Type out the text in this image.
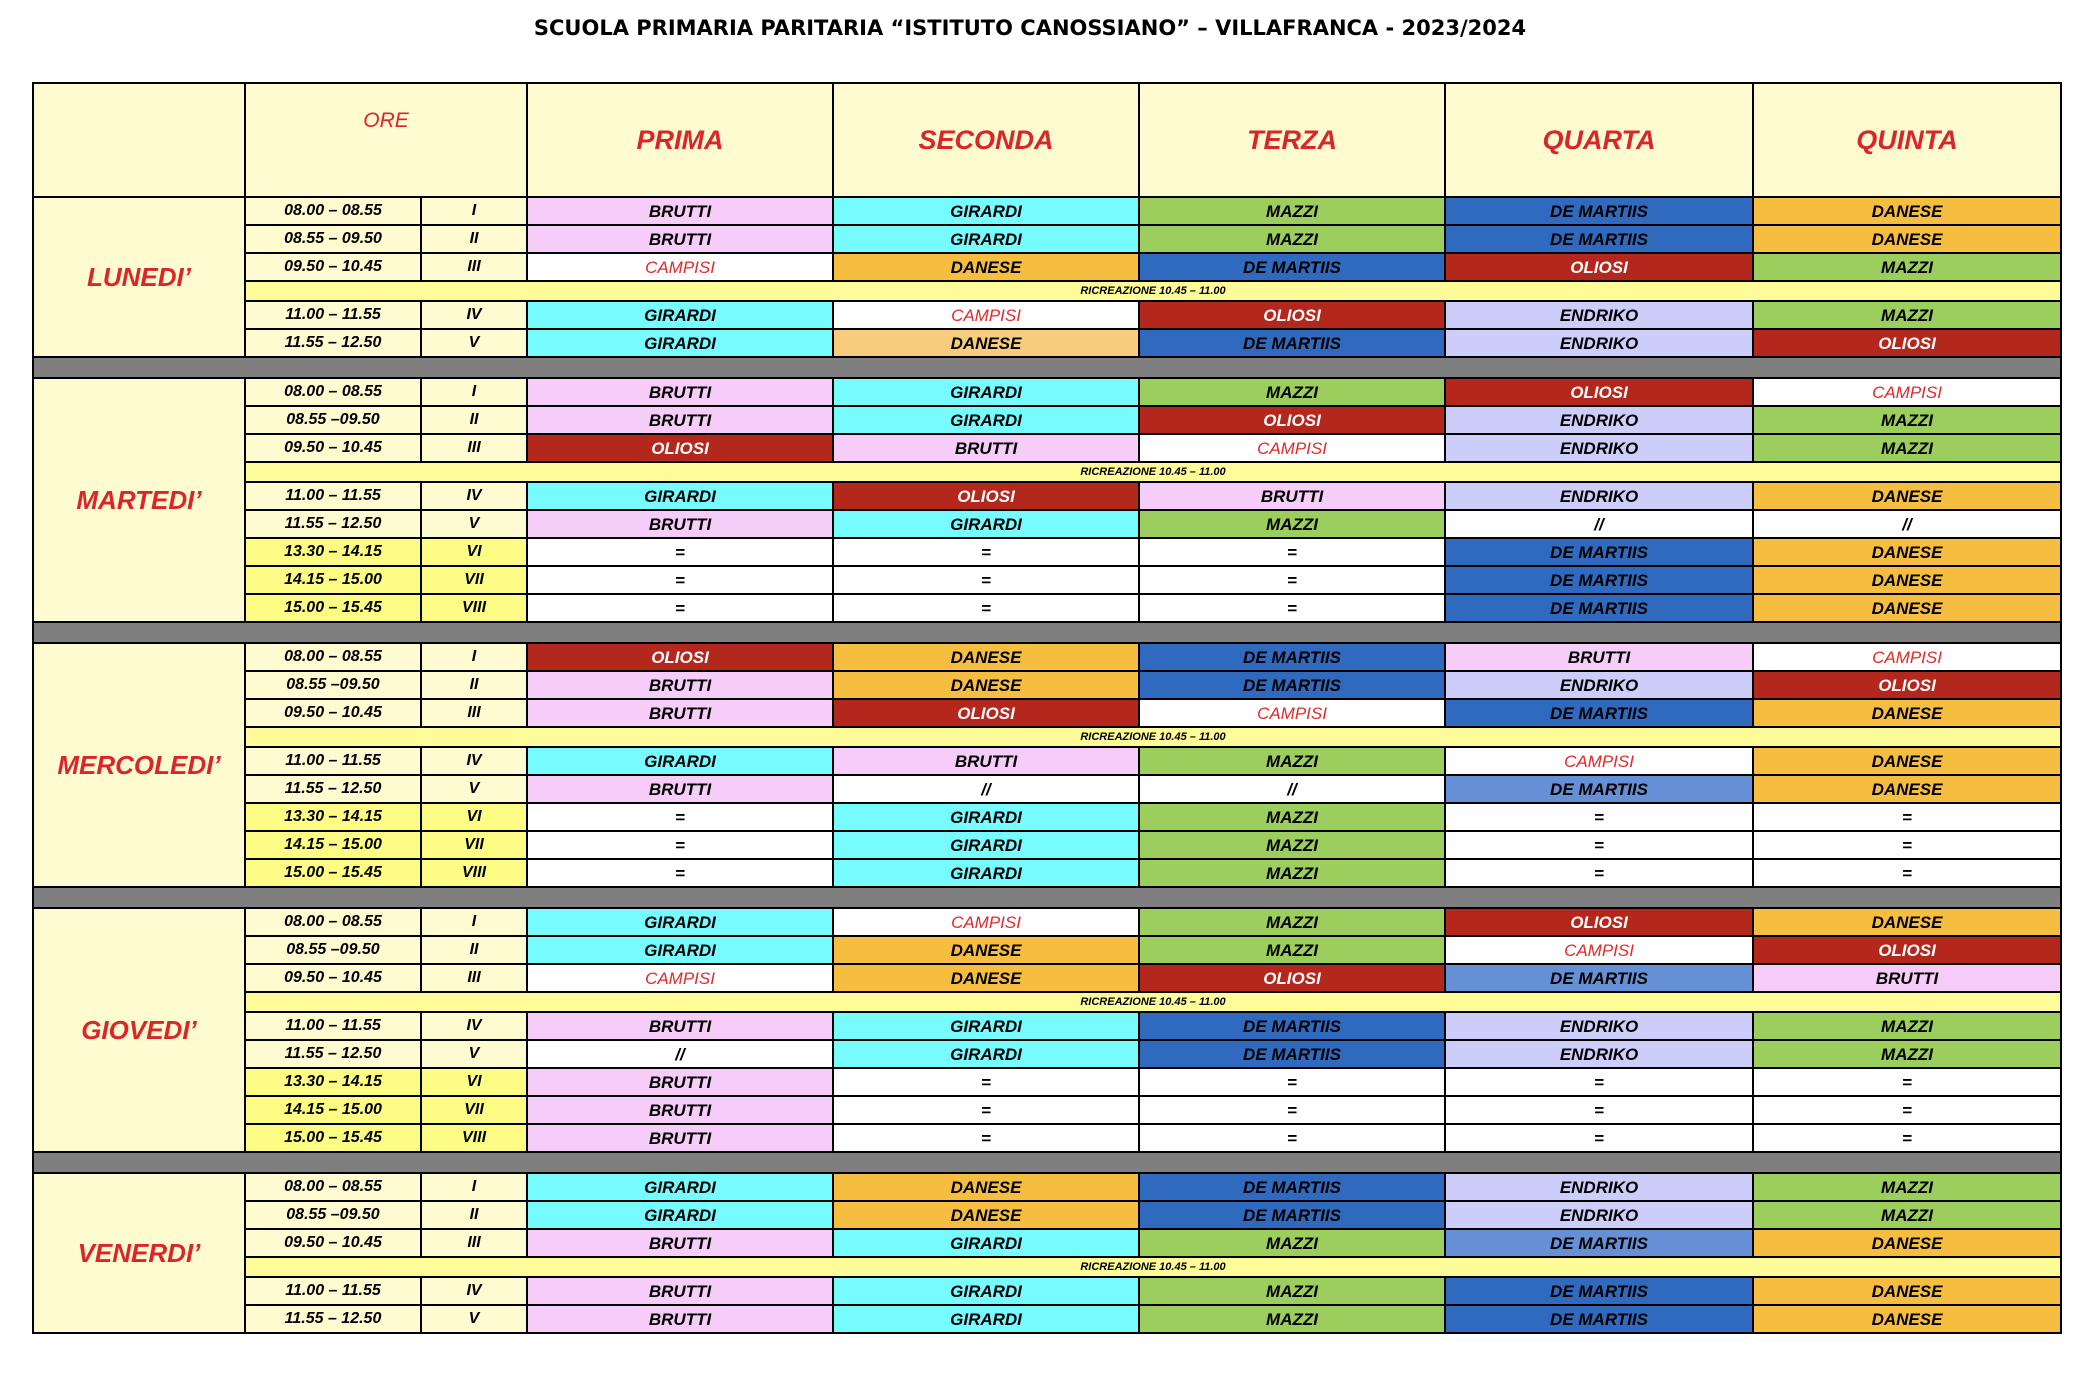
SCUOLA PRIMARIA PARITARIA “ISTITUTO CANOSSIANO” – VILLAFRANCA - 2023/2024
	ORE		PRIMA	SECONDA	TERZA	QUARTA	QUINTA
LUNEDI’	08.00 – 08.55	I	BRUTTI	GIRARDI	MAZZI	DE MARTIIS	DANESE
	08.55 – 09.50	II	BRUTTI	GIRARDI	MAZZI	DE MARTIIS	DANESE
	09.50 – 10.45	III	CAMPISI	DANESE	DE MARTIIS	OLIOSI	MAZZI
	RICREAZIONE 10.45 – 11.00						
	11.00 – 11.55	IV	GIRARDI	CAMPISI	OLIOSI	ENDRIKO	MAZZI
	11.55 – 12.50	V	GIRARDI	DANESE	DE MARTIIS	ENDRIKO	OLIOSI

MARTEDI’	08.00 – 08.55	I	BRUTTI	GIRARDI	MAZZI	OLIOSI	CAMPISI
	08.55 –09.50	II	BRUTTI	GIRARDI	OLIOSI	ENDRIKO	MAZZI
	09.50 – 10.45	III	OLIOSI	BRUTTI	CAMPISI	ENDRIKO	MAZZI
	RICREAZIONE 10.45 – 11.00						
	11.00 – 11.55	IV	GIRARDI	OLIOSI	BRUTTI	ENDRIKO	DANESE
	11.55 – 12.50	V	BRUTTI	GIRARDI	MAZZI	//	//
	13.30 – 14.15	VI	=	=	=	DE MARTIIS	DANESE
	14.15 – 15.00	VII	=	=	=	DE MARTIIS	DANESE
	15.00 – 15.45	VIII	=	=	=	DE MARTIIS	DANESE

MERCOLEDI’	08.00 – 08.55	I	OLIOSI	DANESE	DE MARTIIS	BRUTTI	CAMPISI
	08.55 –09.50	II	BRUTTI	DANESE	DE MARTIIS	ENDRIKO	OLIOSI
	09.50 – 10.45	III	BRUTTI	OLIOSI	CAMPISI	DE MARTIIS	DANESE
	RICREAZIONE 10.45 – 11.00						
	11.00 – 11.55	IV	GIRARDI	BRUTTI	MAZZI	CAMPISI	DANESE
	11.55 – 12.50	V	BRUTTI	//	//	DE MARTIIS	DANESE
	13.30 – 14.15	VI	=	GIRARDI	MAZZI	=	=
	14.15 – 15.00	VII	=	GIRARDI	MAZZI	=	=
	15.00 – 15.45	VIII	=	GIRARDI	MAZZI	=	=

GIOVEDI’	08.00 – 08.55	I	GIRARDI	CAMPISI	MAZZI	OLIOSI	DANESE
	08.55 –09.50	II	GIRARDI	DANESE	MAZZI	CAMPISI	OLIOSI
	09.50 – 10.45	III	CAMPISI	DANESE	OLIOSI	DE MARTIIS	BRUTTI
	RICREAZIONE 10.45 – 11.00						
	11.00 – 11.55	IV	BRUTTI	GIRARDI	DE MARTIIS	ENDRIKO	MAZZI
	11.55 – 12.50	V	//	GIRARDI	DE MARTIIS	ENDRIKO	MAZZI
	13.30 – 14.15	VI	BRUTTI	=	=	=	=
	14.15 – 15.00	VII	BRUTTI	=	=	=	=
	15.00 – 15.45	VIII	BRUTTI	=	=	=	=

VENERDI’	08.00 – 08.55	I	GIRARDI	DANESE	DE MARTIIS	ENDRIKO	MAZZI
	08.55 –09.50	II	GIRARDI	DANESE	DE MARTIIS	ENDRIKO	MAZZI
	09.50 – 10.45	III	BRUTTI	GIRARDI	MAZZI	DE MARTIIS	DANESE
	RICREAZIONE 10.45 – 11.00						
	11.00 – 11.55	IV	BRUTTI	GIRARDI	MAZZI	DE MARTIIS	DANESE
	11.55 – 12.50	V	BRUTTI	GIRARDI	MAZZI	DE MARTIIS	DANESE
